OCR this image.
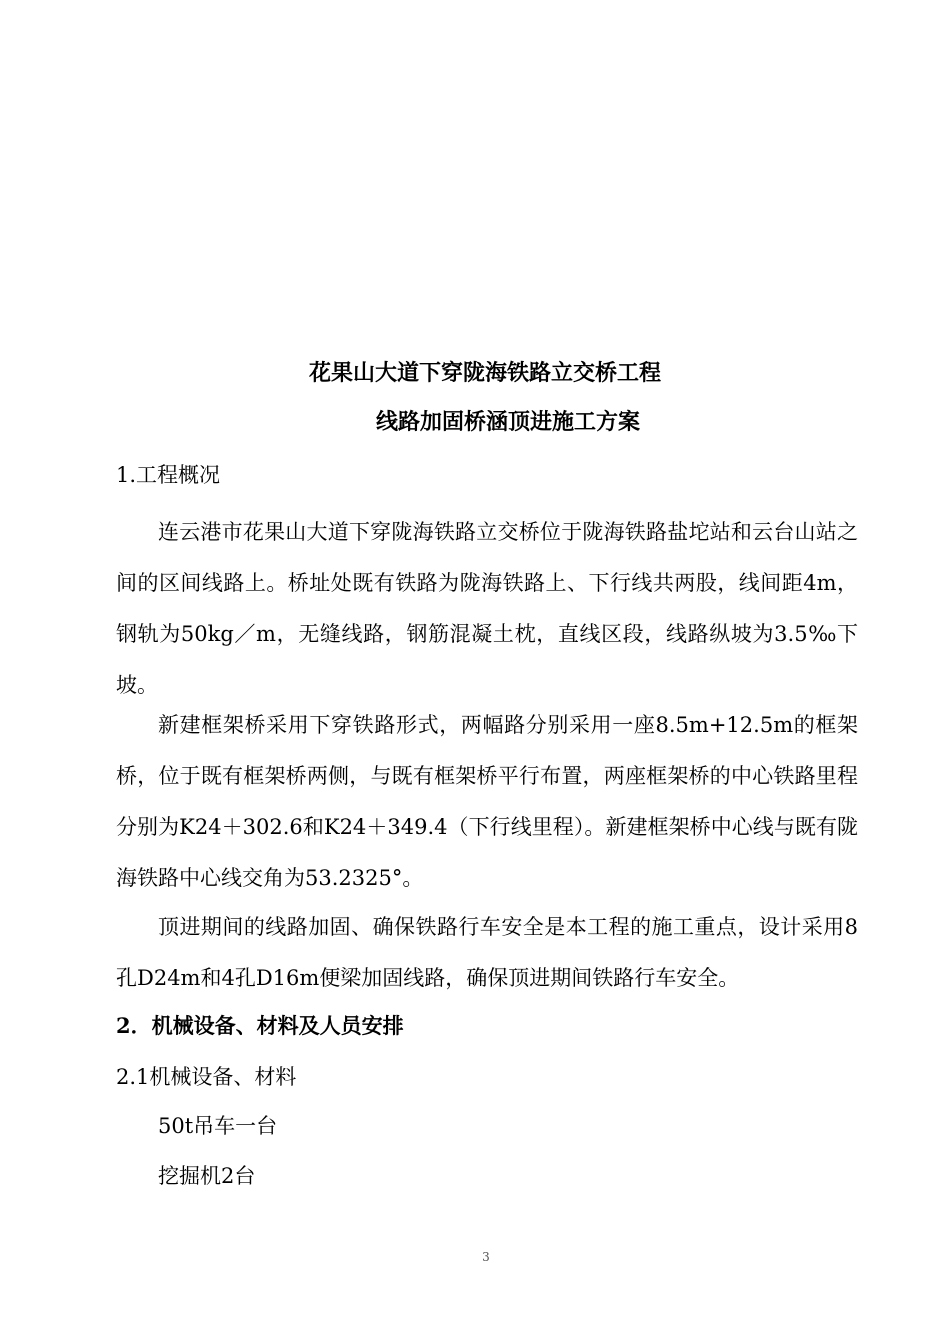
花果山大道下穿陇海铁路立交桥工程
线路加固桥涵顶进施工方案
1.工程概况

连云港市花果山大道下穿陇海铁路立交桥位于陇海铁路盐坨站和云台山站之间的区间线路上。桥址处既有铁路为陇海铁路上、下行线共两股，线间距4m，钢轨为50kg／m，无缝线路，钢筋混凝土枕，直线区段，线路纵坡为3.5‰下坡。

新建框架桥采用下穿铁路形式，两幅路分别采用一座8.5m+12.5m的框架桥，位于既有框架桥两侧，与既有框架桥平行布置，两座框架桥的中心铁路里程分别为K24＋302.6和K24＋349.4（下行线里程）。新建框架桥中心线与既有陇海铁路中心线交角为53.2325°。

顶进期间的线路加固、确保铁路行车安全是本工程的施工重点，设计采用8孔D24m和4孔D16m便梁加固线路，确保顶进期间铁路行车安全。

2．机械设备、材料及人员安排
2.1机械设备、材料
50t吊车一台
挖掘机2台
3
